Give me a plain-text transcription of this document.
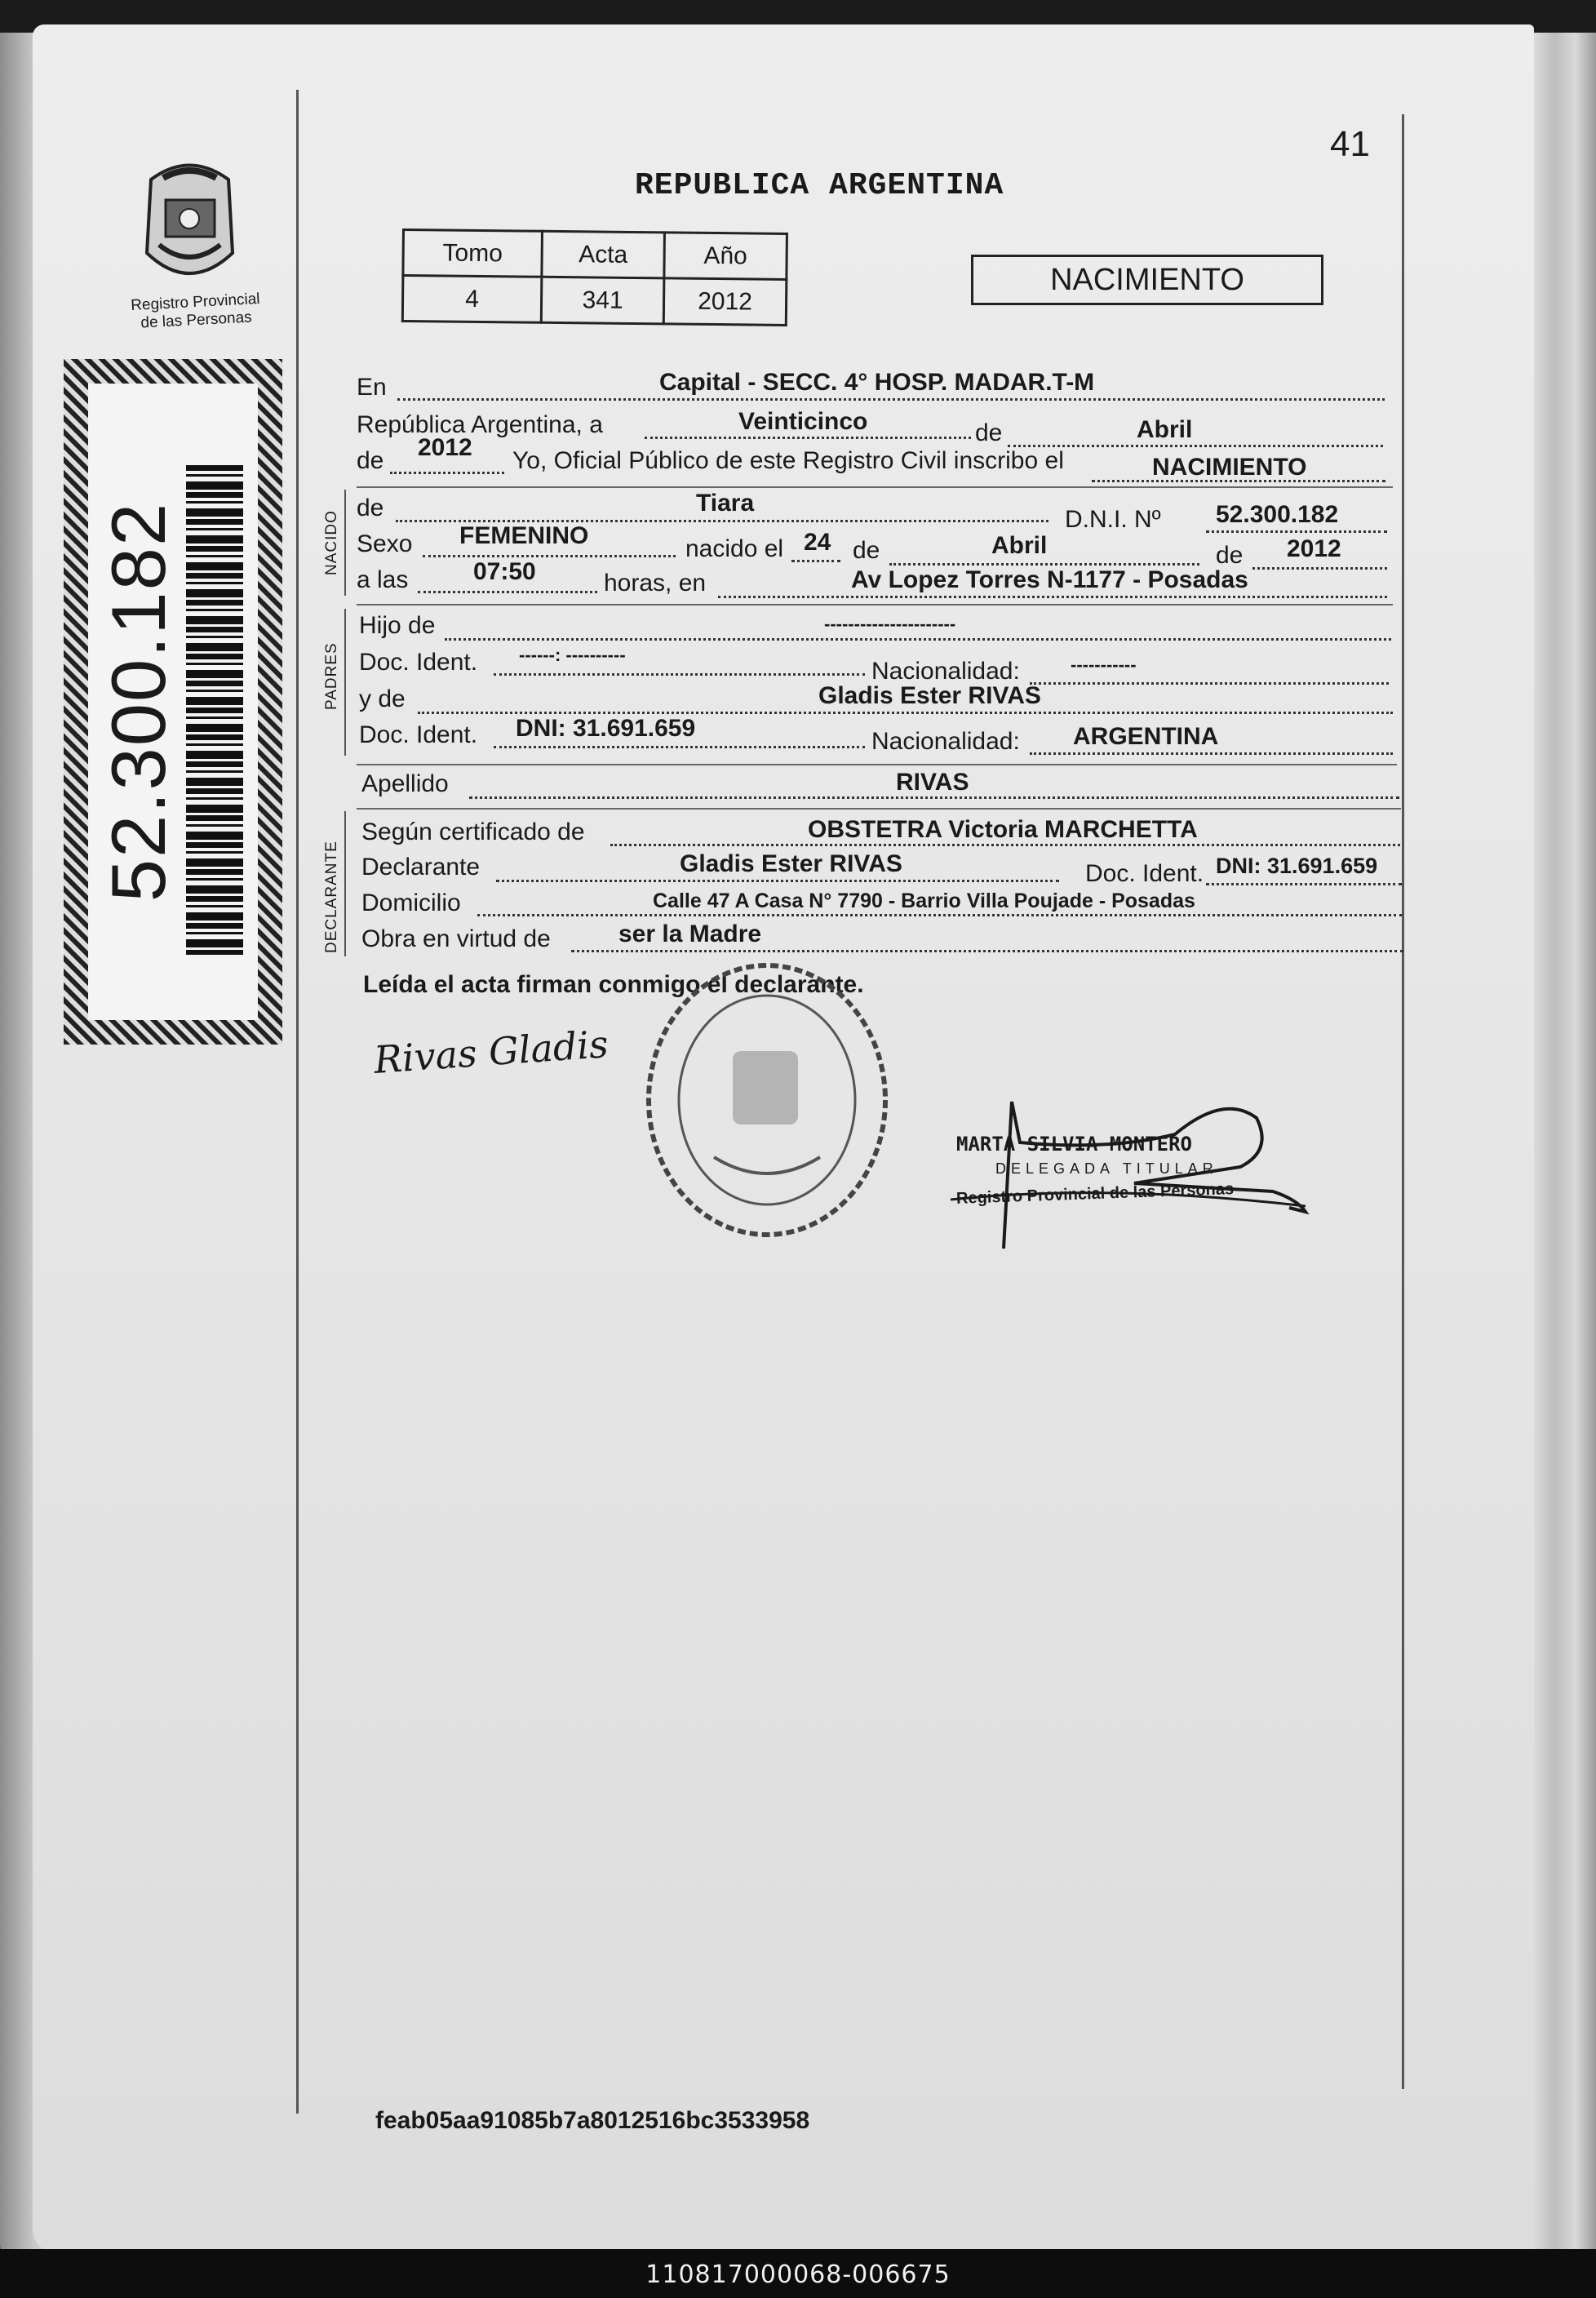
41
REPUBLICA ARGENTINA
Registro Provincial
de las Personas
52.300.182
Tomo	Acta	Año
4	341	2012
NACIMIENTO
En	Capital - SECC. 4° HOSP. MADAR.T-M
República Argentina, a	Veinticinco	de	Abril
de 2012 Yo, Oficial Público de este Registro Civil inscribo el	NACIMIENTO
NACIDO
de	Tiara
D.N.I. Nº 52.300.182
Sexo FEMENINO	nacido el 24 de	Abril	de 2012
a las	07:50	horas, en	Av Lopez Torres N-1177 - Posadas
PADRES
Hijo de	----------------------
Doc. Ident. ------: ----------
Nacionalidad:	-----------
y de	Gladis Ester RIVAS
Doc. Ident. DNI: 31.691.659	Nacionalidad: ARGENTINA
Apellido	RIVAS
DECLARANTE
Según certificado de	OBSTETRA Victoria MARCHETTA
Declarante	Gladis Ester RIVAS	Doc. Ident. DNI: 31.691.659
Domicilio	Calle 47 A Casa N° 7790 - Barrio Villa Poujade - Posadas
Obra en virtud de	ser la Madre
Leída el acta firman conmigo el declarante.
Rivas Gladis
MARTA SILVIA MONTERO
DELEGADA TITULAR
Registro Provincial de las Personas
feab05aa91085b7a8012516bc3533958
110817000068-006675
